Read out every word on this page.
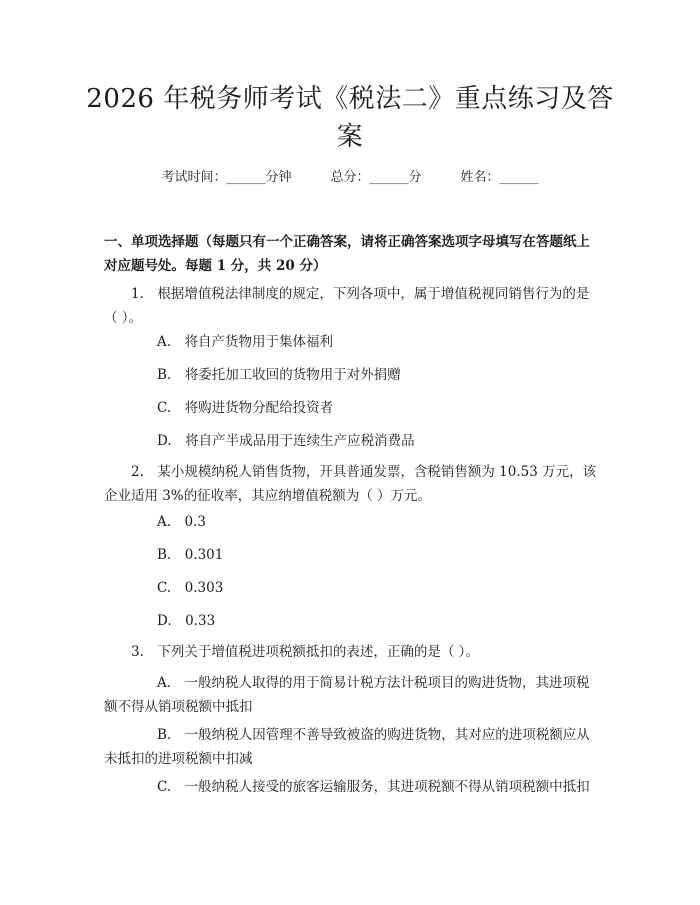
2026 年税务师考试《税法二》重点练习及答案
考试时间：______分钟　　　	总分：______分　　　	姓名：______
一、单项选择题（每题只有一个正确答案，请将正确答案选项字母填写在答题纸上对应题号处。每题 1 分，共 20 分）
1.　根据增值税法律制度的规定，下列各项中，属于增值税视同销售行为的是（ ）。
A.　将自产货物用于集体福利
B.　将委托加工收回的货物用于对外捐赠
C.　将购进货物分配给投资者
D.　将自产半成品用于连续生产应税消费品
2.　某小规模纳税人销售货物，开具普通发票，含税销售额为 10.53 万元，该企业适用 3%的征收率，其应纳增值税额为（ ）万元。
A.　0.3
B.　0.301
C.　0.303
D.　0.33
3.　下列关于增值税进项税额抵扣的表述，正确的是（ ）。
A.　一般纳税人取得的用于简易计税方法计税项目的购进货物，其进项税额不得从销项税额中抵扣
B.　一般纳税人因管理不善导致被盗的购进货物，其对应的进项税额应从未抵扣的进项税额中扣减
C.　一般纳税人接受的旅客运输服务，其进项税额不得从销项税额中抵扣
